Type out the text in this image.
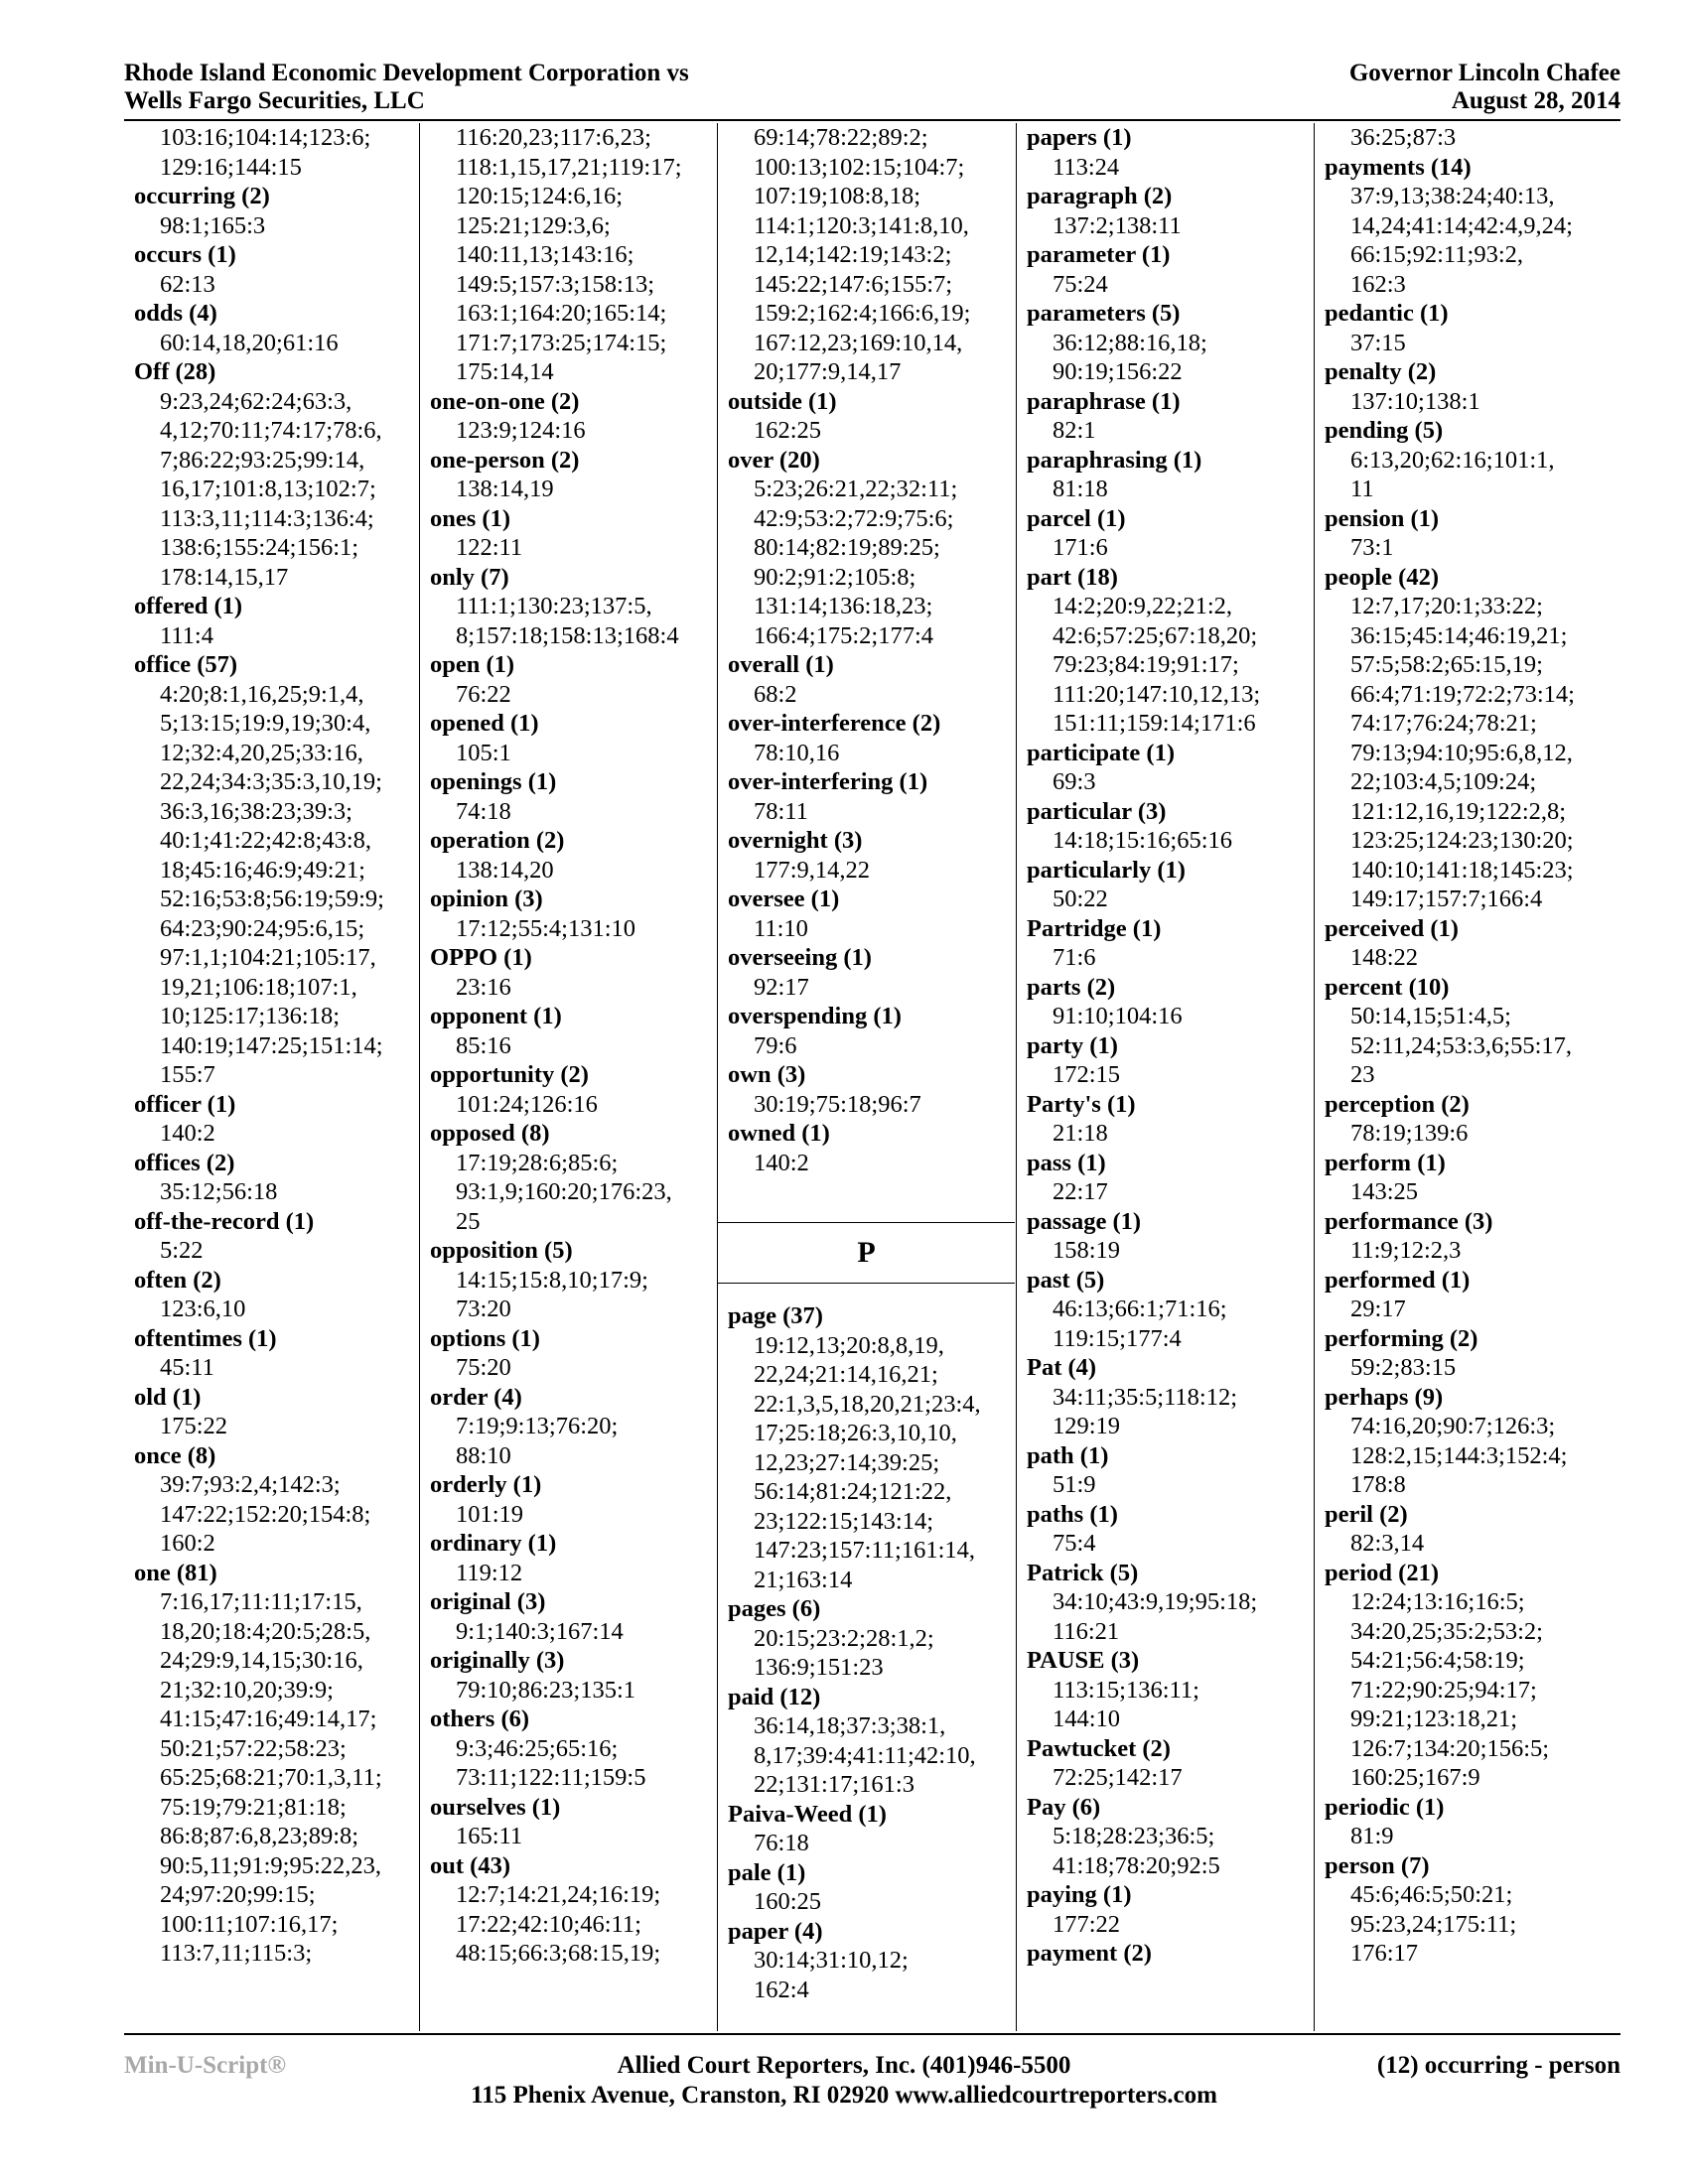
Rhode Island Economic Development Corporation vs
Wells Fargo Securities, LLC
Governor Lincoln Chafee
August 28, 2014
103:16;104:14;123:6;
129:16;144:15
occurring (2)
98:1;165:3
occurs (1)
62:13
odds (4)
60:14,18,20;61:16
Off (28)
9:23,24;62:24;63:3,
4,12;70:11;74:17;78:6,
7;86:22;93:25;99:14,
16,17;101:8,13;102:7;
113:3,11;114:3;136:4;
138:6;155:24;156:1;
178:14,15,17
offered (1)
111:4
office (57)
4:20;8:1,16,25;9:1,4,
5;13:15;19:9,19;30:4,
12;32:4,20,25;33:16,
22,24;34:3;35:3,10,19;
36:3,16;38:23;39:3;
40:1;41:22;42:8;43:8,
18;45:16;46:9;49:21;
52:16;53:8;56:19;59:9;
64:23;90:24;95:6,15;
97:1,1;104:21;105:17,
19,21;106:18;107:1,
10;125:17;136:18;
140:19;147:25;151:14;
155:7
officer (1)
140:2
offices (2)
35:12;56:18
off-the-record (1)
5:22
often (2)
123:6,10
oftentimes (1)
45:11
old (1)
175:22
once (8)
39:7;93:2,4;142:3;
147:22;152:20;154:8;
160:2
one (81)
7:16,17;11:11;17:15,
18,20;18:4;20:5;28:5,
24;29:9,14,15;30:16,
21;32:10,20;39:9;
41:15;47:16;49:14,17;
50:21;57:22;58:23;
65:25;68:21;70:1,3,11;
75:19;79:21;81:18;
86:8;87:6,8,23;89:8;
90:5,11;91:9;95:22,23,
24;97:20;99:15;
100:11;107:16,17;
113:7,11;115:3;
116:20,23;117:6,23;
118:1,15,17,21;119:17;
120:15;124:6,16;
125:21;129:3,6;
140:11,13;143:16;
149:5;157:3;158:13;
163:1;164:20;165:14;
171:7;173:25;174:15;
175:14,14
one-on-one (2)
123:9;124:16
one-person (2)
138:14,19
ones (1)
122:11
only (7)
111:1;130:23;137:5,
8;157:18;158:13;168:4
open (1)
76:22
opened (1)
105:1
openings (1)
74:18
operation (2)
138:14,20
opinion (3)
17:12;55:4;131:10
OPPO (1)
23:16
opponent (1)
85:16
opportunity (2)
101:24;126:16
opposed (8)
17:19;28:6;85:6;
93:1,9;160:20;176:23,
25
opposition (5)
14:15;15:8,10;17:9;
73:20
options (1)
75:20
order (4)
7:19;9:13;76:20;
88:10
orderly (1)
101:19
ordinary (1)
119:12
original (3)
9:1;140:3;167:14
originally (3)
79:10;86:23;135:1
others (6)
9:3;46:25;65:16;
73:11;122:11;159:5
ourselves (1)
165:11
out (43)
12:7;14:21,24;16:19;
17:22;42:10;46:11;
48:15;66:3;68:15,19;
69:14;78:22;89:2;
100:13;102:15;104:7;
107:19;108:8,18;
114:1;120:3;141:8,10,
12,14;142:19;143:2;
145:22;147:6;155:7;
159:2;162:4;166:6,19;
167:12,23;169:10,14,
20;177:9,14,17
outside (1)
162:25
over (20)
5:23;26:21,22;32:11;
42:9;53:2;72:9;75:6;
80:14;82:19;89:25;
90:2;91:2;105:8;
131:14;136:18,23;
166:4;175:2;177:4
overall (1)
68:2
over-interference (2)
78:10,16
over-interfering (1)
78:11
overnight (3)
177:9,14,22
oversee (1)
11:10
overseeing (1)
92:17
overspending (1)
79:6
own (3)
30:19;75:18;96:7
owned (1)
140:2
P
page (37)
19:12,13;20:8,8,19,
22,24;21:14,16,21;
22:1,3,5,18,20,21;23:4,
17;25:18;26:3,10,10,
12,23;27:14;39:25;
56:14;81:24;121:22,
23;122:15;143:14;
147:23;157:11;161:14,
21;163:14
pages (6)
20:15;23:2;28:1,2;
136:9;151:23
paid (12)
36:14,18;37:3;38:1,
8,17;39:4;41:11;42:10,
22;131:17;161:3
Paiva-Weed (1)
76:18
pale (1)
160:25
paper (4)
30:14;31:10,12;
162:4
papers (1)
113:24
paragraph (2)
137:2;138:11
parameter (1)
75:24
parameters (5)
36:12;88:16,18;
90:19;156:22
paraphrase (1)
82:1
paraphrasing (1)
81:18
parcel (1)
171:6
part (18)
14:2;20:9,22;21:2,
42:6;57:25;67:18,20;
79:23;84:19;91:17;
111:20;147:10,12,13;
151:11;159:14;171:6
participate (1)
69:3
particular (3)
14:18;15:16;65:16
particularly (1)
50:22
Partridge (1)
71:6
parts (2)
91:10;104:16
party (1)
172:15
Party's (1)
21:18
pass (1)
22:17
passage (1)
158:19
past (5)
46:13;66:1;71:16;
119:15;177:4
Pat (4)
34:11;35:5;118:12;
129:19
path (1)
51:9
paths (1)
75:4
Patrick (5)
34:10;43:9,19;95:18;
116:21
PAUSE (3)
113:15;136:11;
144:10
Pawtucket (2)
72:25;142:17
Pay (6)
5:18;28:23;36:5;
41:18;78:20;92:5
paying (1)
177:22
payment (2)
36:25;87:3
payments (14)
37:9,13;38:24;40:13,
14,24;41:14;42:4,9,24;
66:15;92:11;93:2,
162:3
pedantic (1)
37:15
penalty (2)
137:10;138:1
pending (5)
6:13,20;62:16;101:1,
11
pension (1)
73:1
people (42)
12:7,17;20:1;33:22;
36:15;45:14;46:19,21;
57:5;58:2;65:15,19;
66:4;71:19;72:2;73:14;
74:17;76:24;78:21;
79:13;94:10;95:6,8,12,
22;103:4,5;109:24;
121:12,16,19;122:2,8;
123:25;124:23;130:20;
140:10;141:18;145:23;
149:17;157:7;166:4
perceived (1)
148:22
percent (10)
50:14,15;51:4,5;
52:11,24;53:3,6;55:17,
23
perception (2)
78:19;139:6
perform (1)
143:25
performance (3)
11:9;12:2,3
performed (1)
29:17
performing (2)
59:2;83:15
perhaps (9)
74:16,20;90:7;126:3;
128:2,15;144:3;152:4;
178:8
peril (2)
82:3,14
period (21)
12:24;13:16;16:5;
34:20,25;35:2;53:2;
54:21;56:4;58:19;
71:22;90:25;94:17;
99:21;123:18,21;
126:7;134:20;156:5;
160:25;167:9
periodic (1)
81:9
person (7)
45:6;46:5;50:21;
95:23,24;175:11;
176:17
Min-U-Script®	Allied Court Reporters, Inc. (401)946-5500
115 Phenix Avenue, Cranston, RI 02920 www.alliedcourtreporters.com
(12) occurring - person
